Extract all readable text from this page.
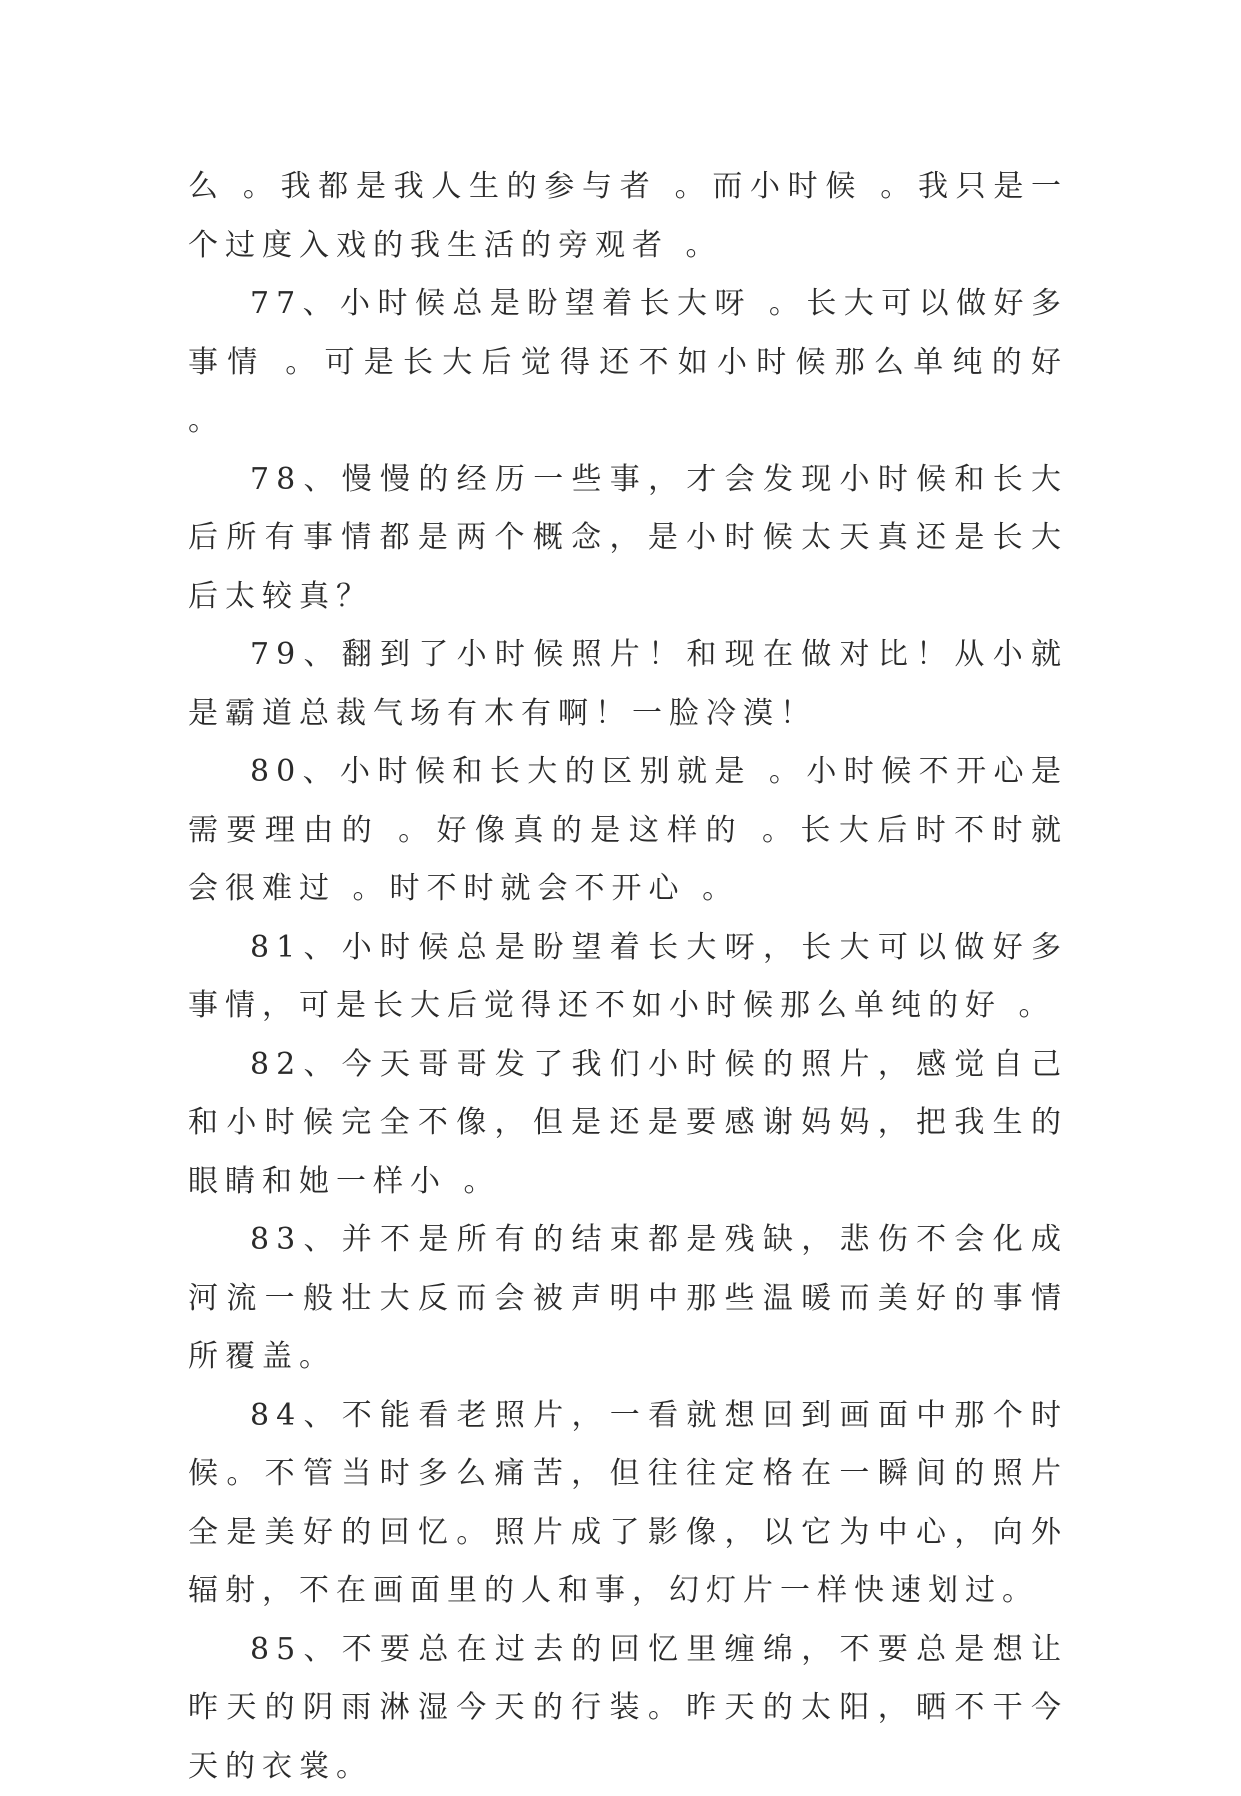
么 。我都是我人生的参与者 。而小时候 。我只是一个过度入戏的我生活的旁观者 。

77、小时候总是盼望着长大呀 。长大可以做好多事情 。可是长大后觉得还不如小时候那么单纯的好 。

78、慢慢的经历一些事，才会发现小时候和长大后所有事情都是两个概念，是小时候太天真还是长大后太较真？

79、翻到了小时候照片！和现在做对比！从小就是霸道总裁气场有木有啊！一脸冷漠！

80、小时候和长大的区别就是 。小时候不开心是需要理由的 。好像真的是这样的 。长大后时不时就会很难过 。时不时就会不开心 。

81、小时候总是盼望着长大呀，长大可以做好多事情，可是长大后觉得还不如小时候那么单纯的好 。

82、今天哥哥发了我们小时候的照片，感觉自己和小时候完全不像，但是还是要感谢妈妈，把我生的眼睛和她一样小 。

83、并不是所有的结束都是残缺，悲伤不会化成河流一般壮大反而会被声明中那些温暖而美好的事情所覆盖。

84、不能看老照片，一看就想回到画面中那个时候。不管当时多么痛苦，但往往定格在一瞬间的照片全是美好的回忆。照片成了影像，以它为中心，向外辐射，不在画面里的人和事，幻灯片一样快速划过。

85、不要总在过去的回忆里缠绵，不要总是想让昨天的阴雨淋湿今天的行装。昨天的太阳，晒不干今天的衣裳。
